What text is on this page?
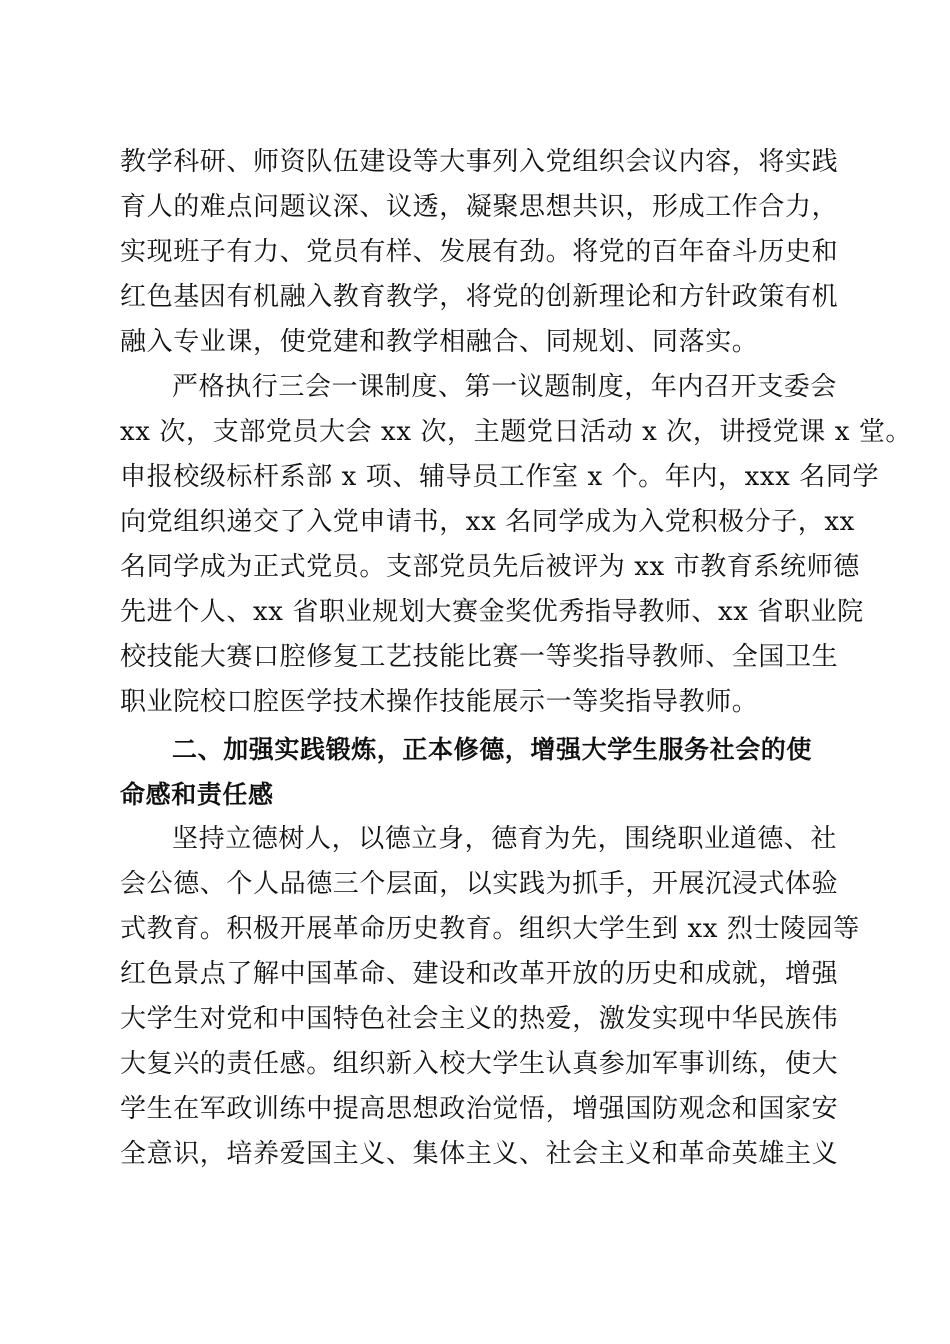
教学科研、师资队伍建设等大事列入党组织会议内容，将实践
育人的难点问题议深、议透，凝聚思想共识，形成工作合力，
实现班子有力、党员有样、发展有劲。将党的百年奋斗历史和
红色基因有机融入教育教学，将党的创新理论和方针政策有机
融入专业课，使党建和教学相融合、同规划、同落实。
严格执行三会一课制度、第一议题制度，年内召开支委会
xx 次，支部党员大会 xx 次，主题党日活动 x 次，讲授党课 x 堂。
申报校级标杆系部 x 项、辅导员工作室 x 个。年内，xxx 名同学
向党组织递交了入党申请书，xx 名同学成为入党积极分子，xx
名同学成为正式党员。支部党员先后被评为 xx 市教育系统师德
先进个人、xx 省职业规划大赛金奖优秀指导教师、xx 省职业院
校技能大赛口腔修复工艺技能比赛一等奖指导教师、全国卫生
职业院校口腔医学技术操作技能展示一等奖指导教师。
二、加强实践锻炼，正本修德，增强大学生服务社会的使
命感和责任感
坚持立德树人，以德立身，德育为先，围绕职业道德、社
会公德、个人品德三个层面，以实践为抓手，开展沉浸式体验
式教育。积极开展革命历史教育。组织大学生到 xx 烈士陵园等
红色景点了解中国革命、建设和改革开放的历史和成就，增强
大学生对党和中国特色社会主义的热爱，激发实现中华民族伟
大复兴的责任感。组织新入校大学生认真参加军事训练，使大
学生在军政训练中提高思想政治觉悟，增强国防观念和国家安
全意识，培养爱国主义、集体主义、社会主义和革命英雄主义
